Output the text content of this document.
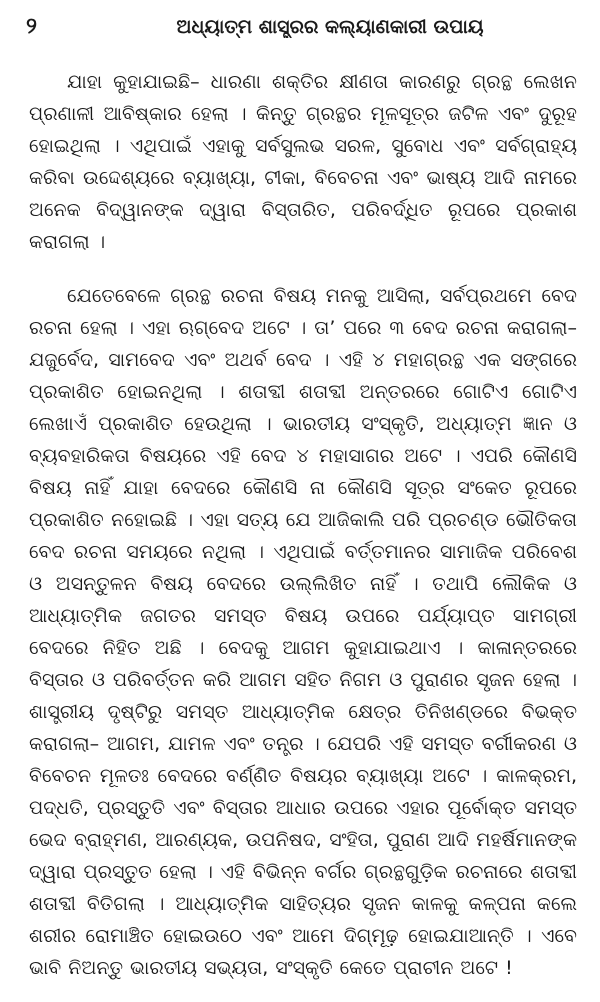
୨	ଅଧ୍ୟାତ୍ମ ଶାସ୍ତ୍ରର କଲ୍ୟାଣକାରୀ ଉପାୟ

ଯାହା କୁହାଯାଇଛି– ଧାରଣା ଶକ୍ତିର କ୍ଷୀଣତା କାରଣରୁ ଗ୍ରନ୍ଥ ଲେଖନ ପ୍ରଣାଳୀ ଆବିଷ୍କାର ହେଲା । କିନ୍ତୁ ଗ୍ରନ୍ଥର ମୂଳସୂତ୍ର ଜଟିଳ ଏବଂ ଦୁରୂହ ହୋଇଥିଲା । ଏଥିପାଇଁ ଏହାକୁ ସର୍ବସୁଲଭ ସରଳ, ସୁବୋଧ ଏବଂ ସର୍ବଗ୍ରାହ୍ୟ କରିବା ଉଦ୍ଦେଶ୍ୟରେ ବ୍ୟାଖ୍ୟା, ଟୀକା, ବିବେଚନା ଏବଂ ଭାଷ୍ୟ ଆଦି ନାମରେ ଅନେକ ବିଦ୍ୱାନଙ୍କ ଦ୍ୱାରା ବିସ୍ତାରିତ, ପରିବର୍ଦ୍ଧିତ ରୂପରେ ପ୍ରକାଶ କରାଗଲା ।

ଯେତେବେଳେ ଗ୍ରନ୍ଥ ରଚନା ବିଷୟ ମନକୁ ଆସିଲା, ସର୍ବପ୍ରଥମେ ବେଦ ରଚନା ହେଲା । ଏହା ଋଗ୍‌ବେଦ ଅଟେ । ତା’ ପରେ ୩ ବେଦ ରଚନା କରାଗଲା– ଯଜୁର୍ବେଦ, ସାମବେଦ ଏବଂ ଅଥର୍ବ ବେଦ । ଏହି ୪ ମହାଗ୍ରନ୍ଥ ଏକ ସଙ୍ଗରେ ପ୍ରକାଶିତ ହୋଇନଥିଲା । ଶତାବ୍ଦୀ ଶତାବ୍ଦୀ ଅନ୍ତରରେ ଗୋଟିଏ ଗୋଟିଏ ଲେଖାଏଁ ପ୍ରକାଶିତ ହେଉଥିଲା । ଭାରତୀୟ ସଂସ୍କୃତି, ଅଧ୍ୟାତ୍ମ ଜ୍ଞାନ ଓ ବ୍ୟବହାରିକତା ବିଷୟରେ ଏହି ବେଦ ୪ ମହାସାଗର ଅଟେ । ଏପରି କୌଣସି ବିଷୟ ନାହିଁ ଯାହା ବେଦରେ କୌଣସି ନା କୌଣସି ସୂତ୍ର ସଂକେତ ରୂପରେ ପ୍ରକାଶିତ ନହୋଇଛି । ଏହା ସତ୍ୟ ଯେ ଆଜିକାଲି ପରି ପ୍ରଚଣ୍ଡ ଭୌତିକତା ବେଦ ରଚନା ସମୟରେ ନଥିଲା । ଏଥିପାଇଁ ବର୍ତ୍ତମାନର ସାମାଜିକ ପରିବେଶ ଓ ଅସନ୍ତୁଳନ ବିଷୟ ବେଦରେ ଉଲ୍ଲିଖିତ ନାହିଁ । ତଥାପି ଲୌକିକ ଓ ଆଧ୍ୟାତ୍ମିକ ଜଗତର ସମସ୍ତ ବିଷୟ ଉପରେ ପର୍ଯ୍ୟାପ୍ତ ସାମଗ୍ରୀ ବେଦରେ ନିହିତ ଅଛି । ବେଦକୁ ଆଗମ କୁହାଯାଇଥାଏ । କାଳାନ୍ତରରେ ବିସ୍ତାର ଓ ପରିବର୍ତ୍ତନ କରି ଆଗମ ସହିତ ନିଗମ ଓ ପୁରାଣର ସୃଜନ ହେଲା । ଶାସ୍ତ୍ରୀୟ ଦୃଷ୍ଟିରୁ ସମସ୍ତ ଆଧ୍ୟାତ୍ମିକ କ୍ଷେତ୍ର ତିନିଖଣ୍ଡରେ ବିଭକ୍ତ କରାଗଲା– ଆଗମ, ଯାମଳ ଏବଂ ତନ୍ତ୍ର । ଯେପରି ଏହି ସମସ୍ତ ବର୍ଗୀକରଣ ଓ ବିବେଚନ ମୂଳତଃ ବେଦରେ ବର୍ଣ୍ଣିତ ବିଷୟର ବ୍ୟାଖ୍ୟା ଅଟେ । କାଳକ୍ରମ, ପଦ୍ଧତି, ପ୍ରସ୍ତୁତି ଏବଂ ବିସ୍ତାର ଆଧାର ଉପରେ ଏହାର ପୂର୍ବୋକ୍ତ ସମସ୍ତ ଭେଦ ବ୍ରାହ୍ମଣ, ଆରଣ୍ୟକ, ଉପନିଷଦ, ସଂହିତା, ପୁରାଣ ଆଦି ମହର୍ଷିମାନଙ୍କ ଦ୍ୱାରା ପ୍ରସ୍ତୁତ ହେଲା । ଏହି ବିଭିନ୍ନ ବର୍ଗର ଗ୍ରନ୍ଥଗୁଡ଼ିକ ରଚନାରେ ଶତାବ୍ଦୀ ଶତାବ୍ଦୀ ବିତିଗଲା । ଆଧ୍ୟାତ୍ମିକ ସାହିତ୍ୟର ସୃଜନ କାଳକୁ କଳ୍ପନା କଲେ ଶରୀର ରୋମାଞ୍ଚିତ ହୋଇଉଠେ ଏବଂ ଆମେ ଦିଗ୍‌ମୂଢ଼ ହୋଇଯାଆନ୍ତି । ଏବେ ଭାବି ନିଅନ୍ତୁ ଭାରତୀୟ ସଭ୍ୟତା, ସଂସ୍କୃତି କେତେ ପ୍ରାଚୀନ ଅଟେ !
